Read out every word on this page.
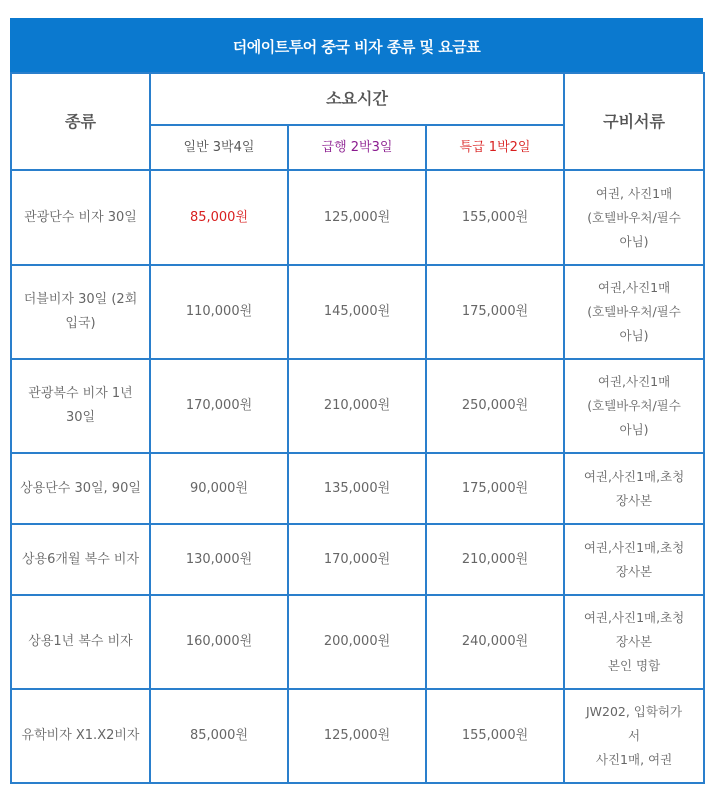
더에이트투어 중국 비자 종류 및 요금표
종류	소요시간			구비서류
	일반 3박4일	급행 2박3일	특급 1박2일	
관광단수 비자 30일	85,000원	125,000원	155,000원	여권, 사진1매
(호텔바우처/필수
아님)

더블비자 30일 (2회입국)	110,000원	145,000원	175,000원	여권,사진1매
(호텔바우처/필수
아님)

관광복수 비자 1년 30일	170,000원	210,000원	250,000원	여권,사진1매
(호텔바우처/필수
아님)

상용단수 30일, 90일	90,000원	135,000원	175,000원	여권,사진1매,초청
장사본

상용6개월 복수 비자	130,000원	170,000원	210,000원	여권,사진1매,초청
장사본

상용1년 복수 비자	160,000원	200,000원	240,000원	여권,사진1매,초청
장사본
본인 명함

유학비자 X1.X2비자	85,000원	125,000원	155,000원	JW202, 입학허가
서
사진1매, 여권
